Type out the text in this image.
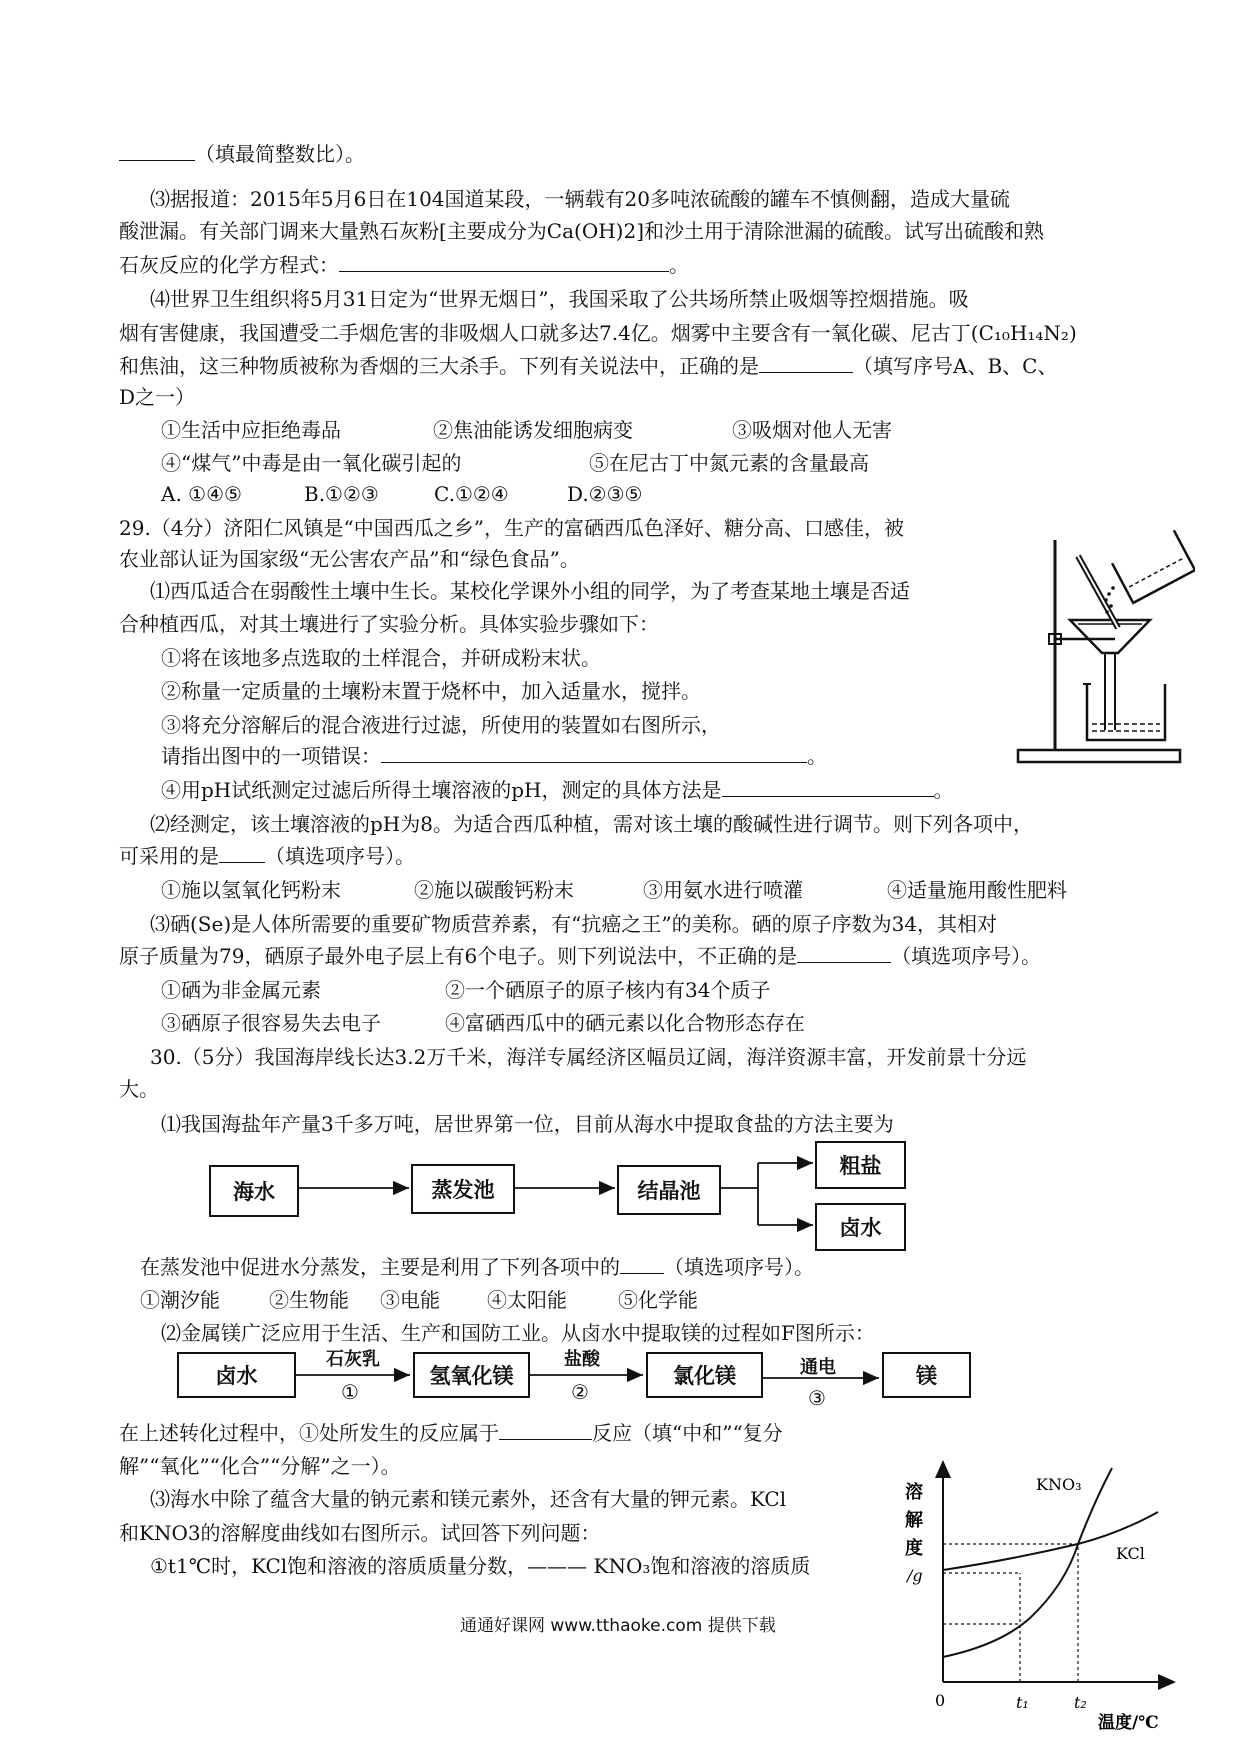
（填最简整数比）。
⑶据报道：2015年5月6日在104国道某段，一辆载有20多吨浓硫酸的罐车不慎侧翻，造成大量硫
酸泄漏。有关部门调来大量熟石灰粉[主要成分为Ca(OH)2]和沙土用于清除泄漏的硫酸。试写出硫酸和熟
石灰反应的化学方程式：	。
⑷世界卫生组织将5月31日定为“世界无烟日”，我国采取了公共场所禁止吸烟等控烟措施。吸
烟有害健康，我国遭受二手烟危害的非吸烟人口就多达7.4亿。烟雾中主要含有一氧化碳、尼古丁(C₁₀H₁₄N₂)
和焦油，这三种物质被称为香烟的三大杀手。下列有关说法中，正确的是	（填写序号A、B、C、
D之一）
①生活中应拒绝毒品	②焦油能诱发细胞病变	③吸烟对他人无害
④“煤气”中毒是由一氧化碳引起的	⑤在尼古丁中氮元素的含量最高
A. ①④⑤	B.①②③	C.①②④	D.②③⑤
29.（4分）济阳仁风镇是“中国西瓜之乡”，生产的富硒西瓜色泽好、糖分高、口感佳，被
农业部认证为国家级“无公害农产品”和“绿色食品”。
⑴西瓜适合在弱酸性土壤中生长。某校化学课外小组的同学，为了考查某地土壤是否适
合种植西瓜，对其土壤进行了实验分析。具体实验步骤如下：
①将在该地多点选取的土样混合，并研成粉末状。
②称量一定质量的土壤粉末置于烧杯中，加入适量水，搅拌。
③将充分溶解后的混合液进行过滤，所使用的装置如右图所示，
请指出图中的一项错误：	。
④用pH试纸测定过滤后所得土壤溶液的pH，测定的具体方法是	。
⑵经测定，该土壤溶液的pH为8。为适合西瓜种植，需对该土壤的酸碱性进行调节。则下列各项中，
可采用的是 （填选项序号）。
①施以氢氧化钙粉末	②施以碳酸钙粉末	③用氨水进行喷灌	④适量施用酸性肥料
⑶硒(Se)是人体所需要的重要矿物质营养素，有“抗癌之王”的美称。硒的原子序数为34，其相对
原子质量为79，硒原子最外电子层上有6个电子。则下列说法中，不正确的是	（填选项序号）。
①硒为非金属元素	②一个硒原子的原子核内有34个质子
③硒原子很容易失去电子	④富硒西瓜中的硒元素以化合物形态存在
30.（5分）我国海岸线长达3.2万千米，海洋专属经济区幅员辽阔，海洋资源丰富，开发前景十分远
大。
⑴我国海盐年产量3千多万吨，居世界第一位，目前从海水中提取食盐的方法主要为
海水	蒸发池	结晶池
粗盐
卤水
在蒸发池中促进水分蒸发，主要是利用了下列各项中的 （填选项序号）。
①潮汐能 ②生物能 ③电能 ④太阳能	⑤化学能
⑵金属镁广泛应用于生活、生产和国防工业。从卤水中提取镁的过程如F图所示：
卤水	氢氧化镁	氯化镁	镁
石灰乳	盐酸	通电
①	②	③
在上述转化过程中，①处所发生的反应属于	反应（填“中和”“复分
解”“氧化”“化合”“分解”之一）。
⑶海水中除了蕴含大量的钠元素和镁元素外，还含有大量的钾元素。KCl
和KNO3的溶解度曲线如右图所示。试回答下列问题：
①t1℃时，KCl饱和溶液的溶质质量分数，——— KNO₃饱和溶液的溶质质
溶
解
度
/g
0	t₁	t₂
温度/℃
KNO₃
KCl
通通好课网 www.tthaoke.com 提供下载
